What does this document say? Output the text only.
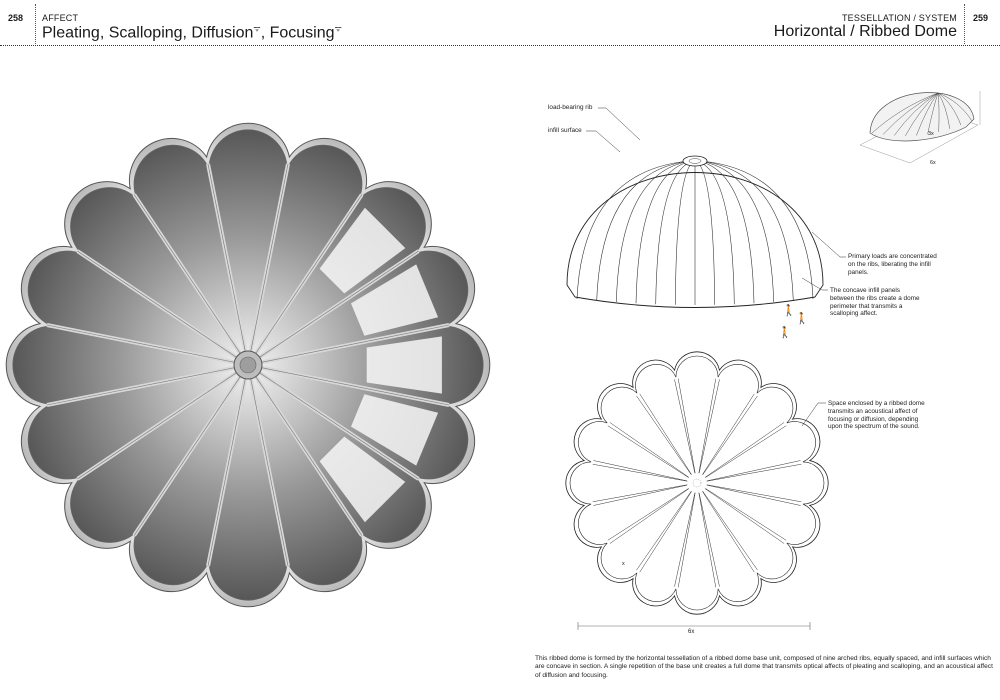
258 AFFECT
Pleating, Scalloping, Diffusion$^ᯤ$, Focusing$^ᯤ$
TESSELLATION / SYSTEM
Horizontal / Ribbed Dome
259
🚶
🚶
🚶
6x
load-bearing rib
infill surface
Primary loads are concentrated on the ribs, liberating the infill panels.
The concave infill panels between the ribs create a dome perimeter that transmits a scalloping affect.
Space enclosed by a ribbed dome transmits an acoustical affect of focusing or diffusion, depending upon the spectrum of the sound.
3x
6x
x
This ribbed dome is formed by the horizontal tessellation of a ribbed dome base unit, composed of nine arched ribs, equally spaced, and infill surfaces which are concave in section. A single repetition of the base unit creates a full dome that transmits optical affects of pleating and scalloping, and an acoustical affect of diffusion and focusing.
